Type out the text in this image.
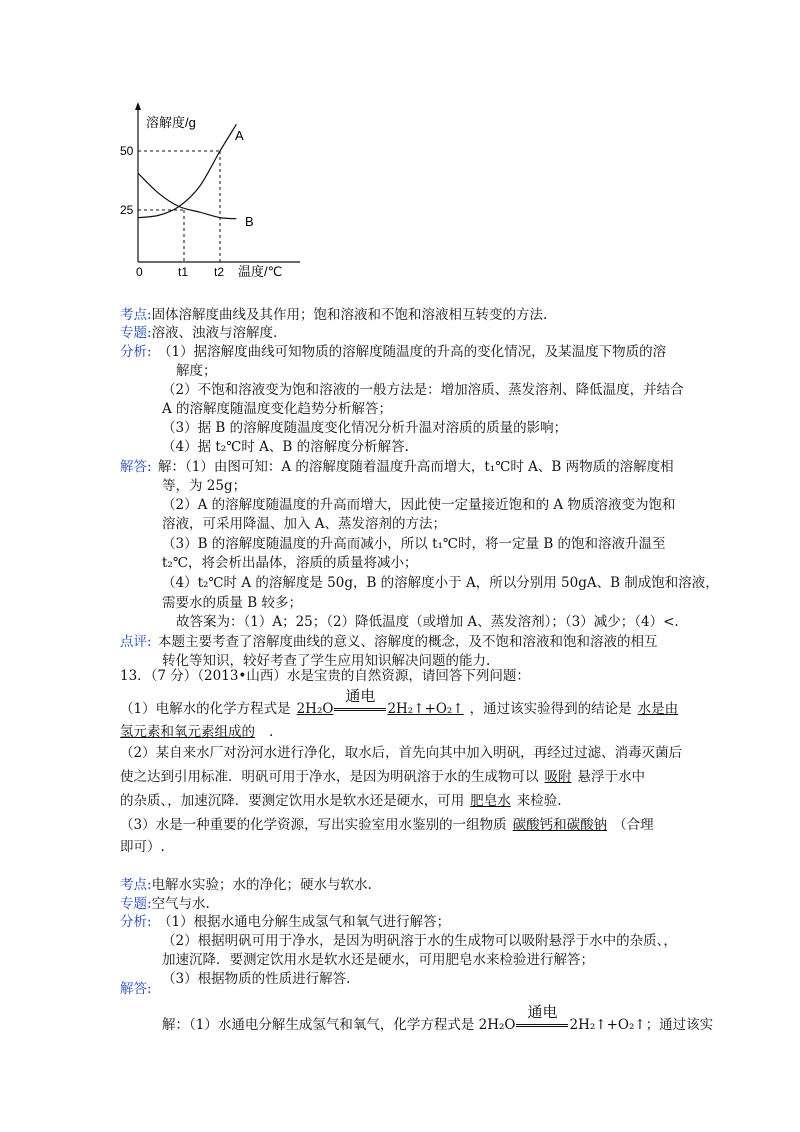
溶解度/g
A
B
50
25
0	t1 t2 温度/℃
考点:固体溶解度曲线及其作用；饱和溶液和不饱和溶液相互转变的方法.
专题:溶液、浊液与溶解度.
分析: （1）据溶解度曲线可知物质的溶解度随温度的升高的变化情况，及某温度下物质的溶
解度；
（2）不饱和溶液变为饱和溶液的一般方法是：增加溶质、蒸发溶剂、降低温度，并结合
A 的溶解度随温度变化趋势分析解答；
（3）据 B 的溶解度随温度变化情况分析升温对溶质的质量的影响；
（4）据 t₂℃时 A、B 的溶解度分析解答.
解答: 解：（1）由图可知：A 的溶解度随着温度升高而增大，t₁℃时 A、B 两物质的溶解度相
等，为 25g；
（2）A 的溶解度随温度的升高而增大，因此使一定量接近饱和的 A 物质溶液变为饱和
溶液，可采用降温、加入 A、蒸发溶剂的方法；
（3）B 的溶解度随温度的升高而减小，所以 t₁℃时，将一定量 B 的饱和溶液升温至
t₂℃，将会析出晶体，溶质的质量将减小；
（4）t₂℃时 A 的溶解度是 50g，B 的溶解度小于 A，所以分别用 50gA、B 制成饱和溶液，
需要水的质量 B 较多；
故答案为：（1）A；25；（2）降低温度（或增加 A、蒸发溶剂）；（3）减少；（4）<.
点评: 本题主要考查了溶解度曲线的意义、溶解度的概念，及不饱和溶液和饱和溶液的相互
转化等知识，较好考查了学生应用知识解决问题的能力.
13．（7 分）（2013•山西）水是宝贵的自然资源，请回答下列问题：
（1）电解水的化学方程式是 2H₂O
通电
2H₂↑+O₂↑ ，通过该实验得到的结论是 水是由
氢元素和氧元素组成的 .
（2）某自来水厂对汾河水进行净化，取水后，首先向其中加入明矾，再经过过滤、消毒灭菌后
使之达到引用标准．明矾可用于净水，是因为明矾溶于水的生成物可以 吸附 悬浮于水中
的杂质、，加速沉降．要测定饮用水是软水还是硬水，可用 肥皂水 来检验.
（3）水是一种重要的化学资源，写出实验室用水鉴别的一组物质 碳酸钙和碳酸钠 （合理
即可）.
考点:电解水实验；水的净化；硬水与软水.
专题:空气与水.
分析: （1）根据水通电分解生成氢气和氧气进行解答；
（2）根据明矾可用于净水，是因为明矾溶于水的生成物可以吸附悬浮于水中的杂质、，
加速沉降．要测定饮用水是软水还是硬水，可用肥皂水来检验进行解答；
（3）根据物质的性质进行解答.
解答:
解：（1）水通电分解生成氢气和氧气，化学方程式是 2H₂O
通电
2H₂↑+O₂↑；通过该实
